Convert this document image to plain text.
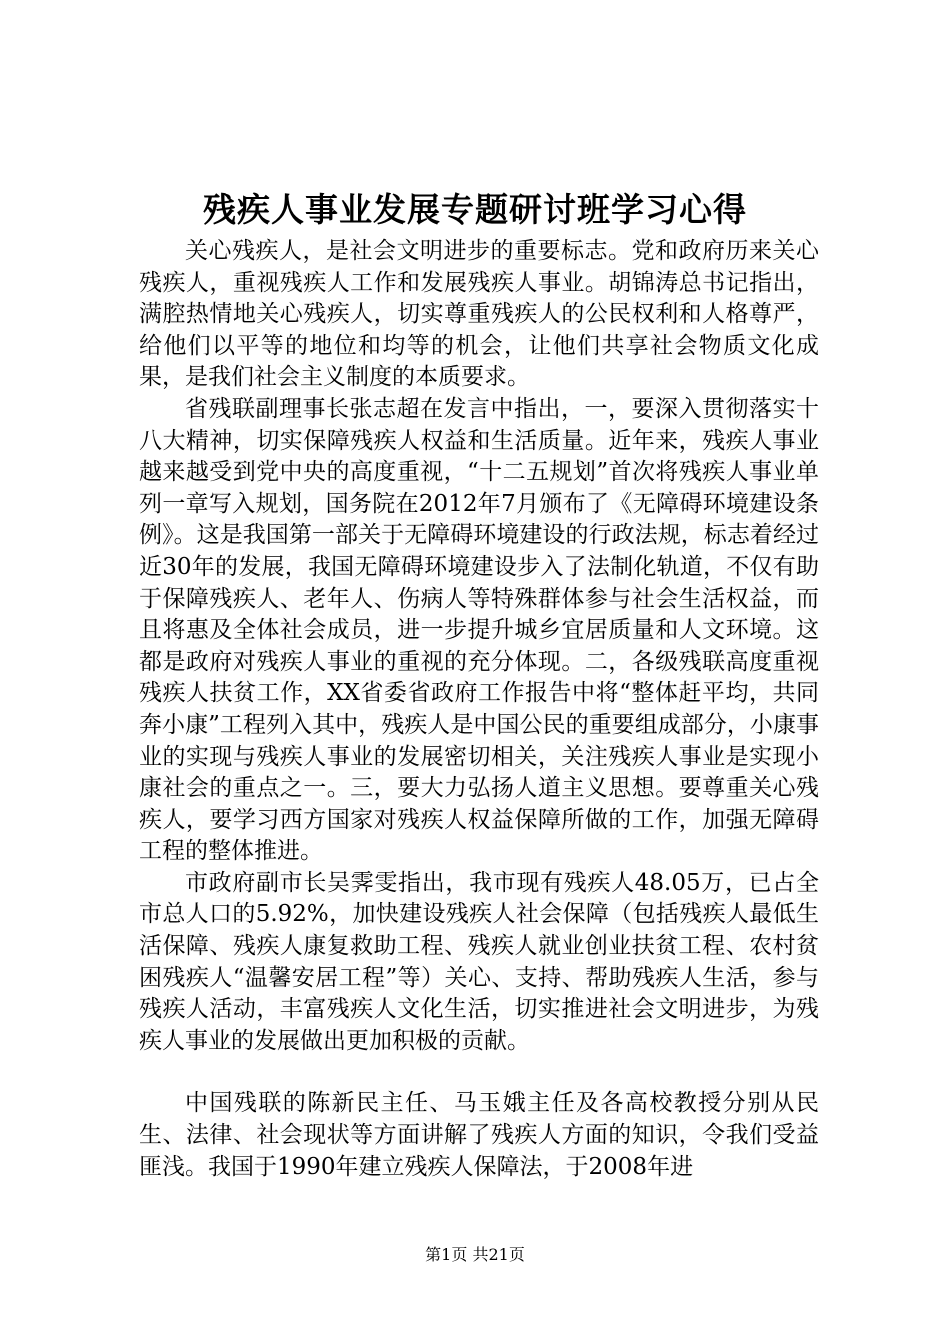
残疾人事业发展专题研讨班学习心得

关心残疾人，是社会文明进步的重要标志。党和政府历来关心残疾人，重视残疾人工作和发展残疾人事业。胡锦涛总书记指出，满腔热情地关心残疾人，切实尊重残疾人的公民权利和人格尊严，给他们以平等的地位和均等的机会，让他们共享社会物质文化成果，是我们社会主义制度的本质要求。

省残联副理事长张志超在发言中指出，一，要深入贯彻落实十八大精神，切实保障残疾人权益和生活质量。近年来，残疾人事业越来越受到党中央的高度重视，“十二五规划”首次将残疾人事业单列一章写入规划，国务院在2012年7月颁布了《无障碍环境建设条例》。这是我国第一部关于无障碍环境建设的行政法规，标志着经过近30年的发展，我国无障碍环境建设步入了法制化轨道，不仅有助于保障残疾人、老年人、伤病人等特殊群体参与社会生活权益，而且将惠及全体社会成员，进一步提升城乡宜居质量和人文环境。这都是政府对残疾人事业的重视的充分体现。二，各级残联高度重视残疾人扶贫工作，XX省委省政府工作报告中将“整体赶平均，共同奔小康”工程列入其中，残疾人是中国公民的重要组成部分，小康事业的实现与残疾人事业的发展密切相关，关注残疾人事业是实现小康社会的重点之一。三，要大力弘扬人道主义思想。要尊重关心残疾人，要学习西方国家对残疾人权益保障所做的工作，加强无障碍工程的整体推进。

市政府副市长吴霁雯指出，我市现有残疾人48.05万，已占全市总人口的5.92%，加快建设残疾人社会保障（包括残疾人最低生活保障、残疾人康复救助工程、残疾人就业创业扶贫工程、农村贫困残疾人“温馨安居工程”等）关心、支持、帮助残疾人生活，参与残疾人活动，丰富残疾人文化生活，切实推进社会文明进步，为残疾人事业的发展做出更加积极的贡献。

中国残联的陈新民主任、马玉娥主任及各高校教授分别从民生、法律、社会现状等方面讲解了残疾人方面的知识，令我们受益匪浅。我国于1990年建立残疾人保障法，于2008年进

第1页 共21页
